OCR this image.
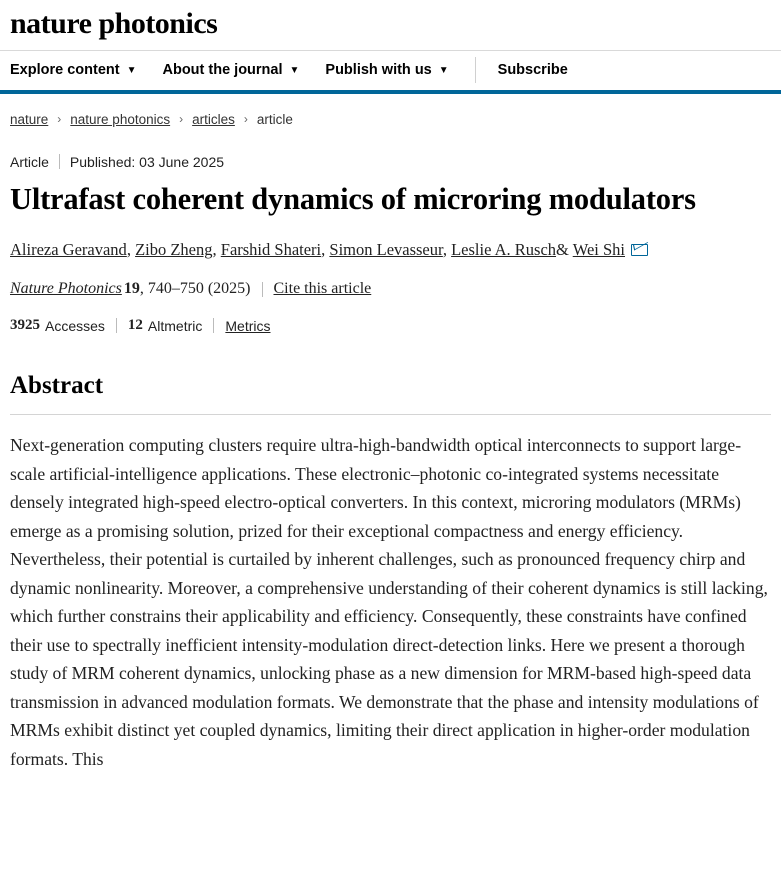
nature photonics
Explore content ▼ About the journal ▼ Publish with us ▼	Subscribe
nature › nature photonics › articles › article
Article Published: 03 June 2025
Ultrafast coherent dynamics of microring modulators
Alireza Geravand, Zibo Zheng, Farshid Shateri, Simon Levasseur, Leslie A. Rusch& Wei Shi
Nature Photonics 19 , 740–750 (2025) Cite this article
3925 Accesses 12 Altmetric Metrics
Abstract

Next-generation computing clusters require ultra-high-bandwidth optical interconnects to support large-scale artificial-intelligence applications. These electronic–photonic co-integrated systems necessitate densely integrated high-speed electro-optical converters. In this context, microring modulators (MRMs) emerge as a promising solution, prized for their exceptional compactness and energy efficiency. Nevertheless, their potential is curtailed by inherent challenges, such as pronounced frequency chirp and dynamic nonlinearity. Moreover, a comprehensive understanding of their coherent dynamics is still lacking, which further constrains their applicability and efficiency. Consequently, these constraints have confined their use to spectrally inefficient intensity-modulation direct-detection links. Here we present a thorough study of MRM coherent dynamics, unlocking phase as a new dimension for MRM-based high-speed data transmission in advanced modulation formats. We demonstrate that the phase and intensity modulations of MRMs exhibit distinct yet coupled dynamics, limiting their direct application in higher-order modulation formats. This
